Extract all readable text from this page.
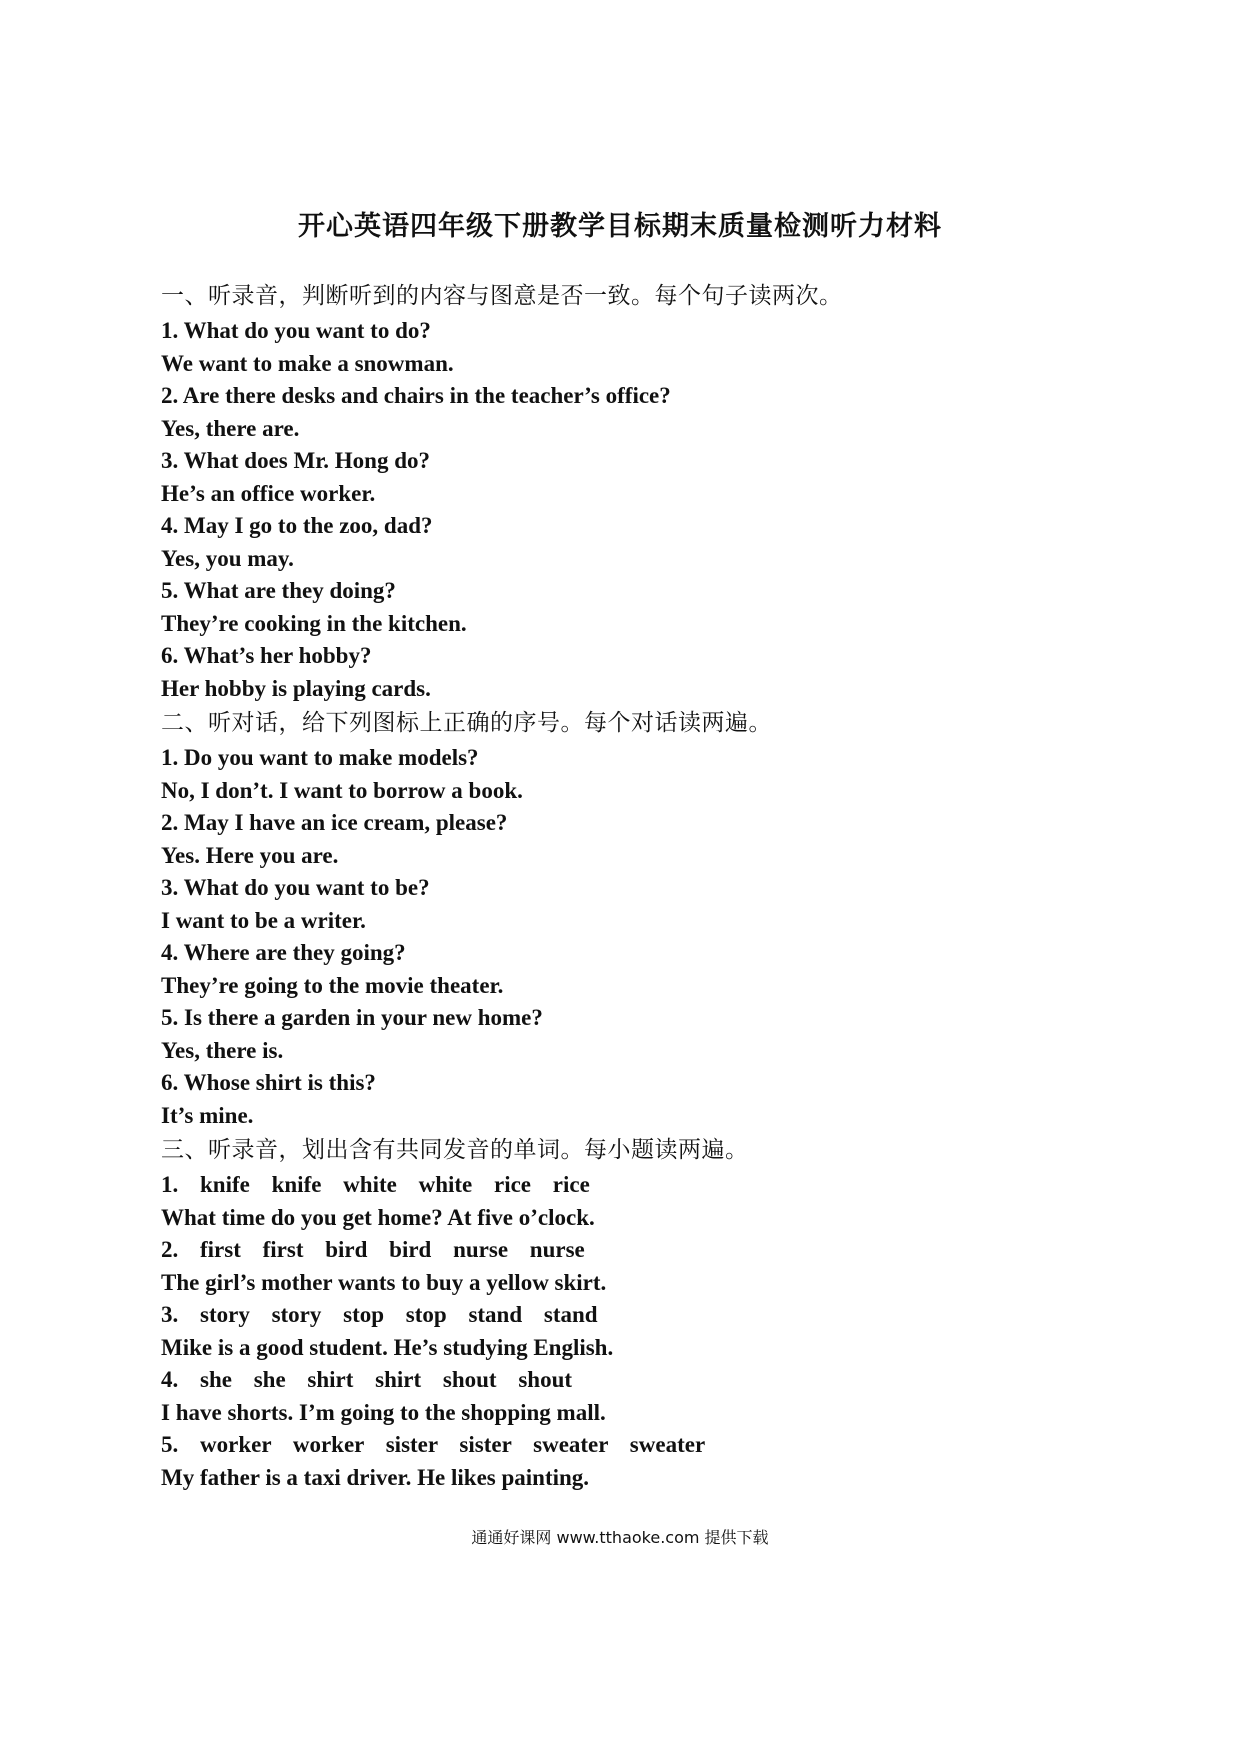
开心英语四年级下册教学目标期末质量检测听力材料
一、听录音，判断听到的内容与图意是否一致。每个句子读两次。
1. What do you want to do?
We want to make a snowman.
2. Are there desks and chairs in the teacher’s office?
Yes, there are.
3. What does Mr. Hong do?
He’s an office worker.
4. May I go to the zoo, dad?
Yes, you may.
5. What are they doing?
They’re cooking in the kitchen.
6. What’s her hobby?
Her hobby is playing cards.
二、听对话，给下列图标上正确的序号。每个对话读两遍。
1. Do you want to make models?
No, I don’t. I want to borrow a book.
2. May I have an ice cream, please?
Yes. Here you are.
3. What do you want to be?
I want to be a writer.
4. Where are they going?
They’re going to the movie theater.
5. Is there a garden in your new home?
Yes, there is.
6. Whose shirt is this?
It’s mine.
三、听录音，划出含有共同发音的单词。每小题读两遍。
1. knife knife white white rice rice
What time do you get home? At five o’clock.
2. first first bird bird nurse nurse
The girl’s mother wants to buy a yellow skirt.
3. story story stop stop stand stand
Mike is a good student. He’s studying English.
4. she she shirt shirt shout shout
I have shorts. I’m going to the shopping mall.
5. worker worker sister sister sweater sweater
My father is a taxi driver. He likes painting.
通通好课网 www.tthaoke.com 提供下载
